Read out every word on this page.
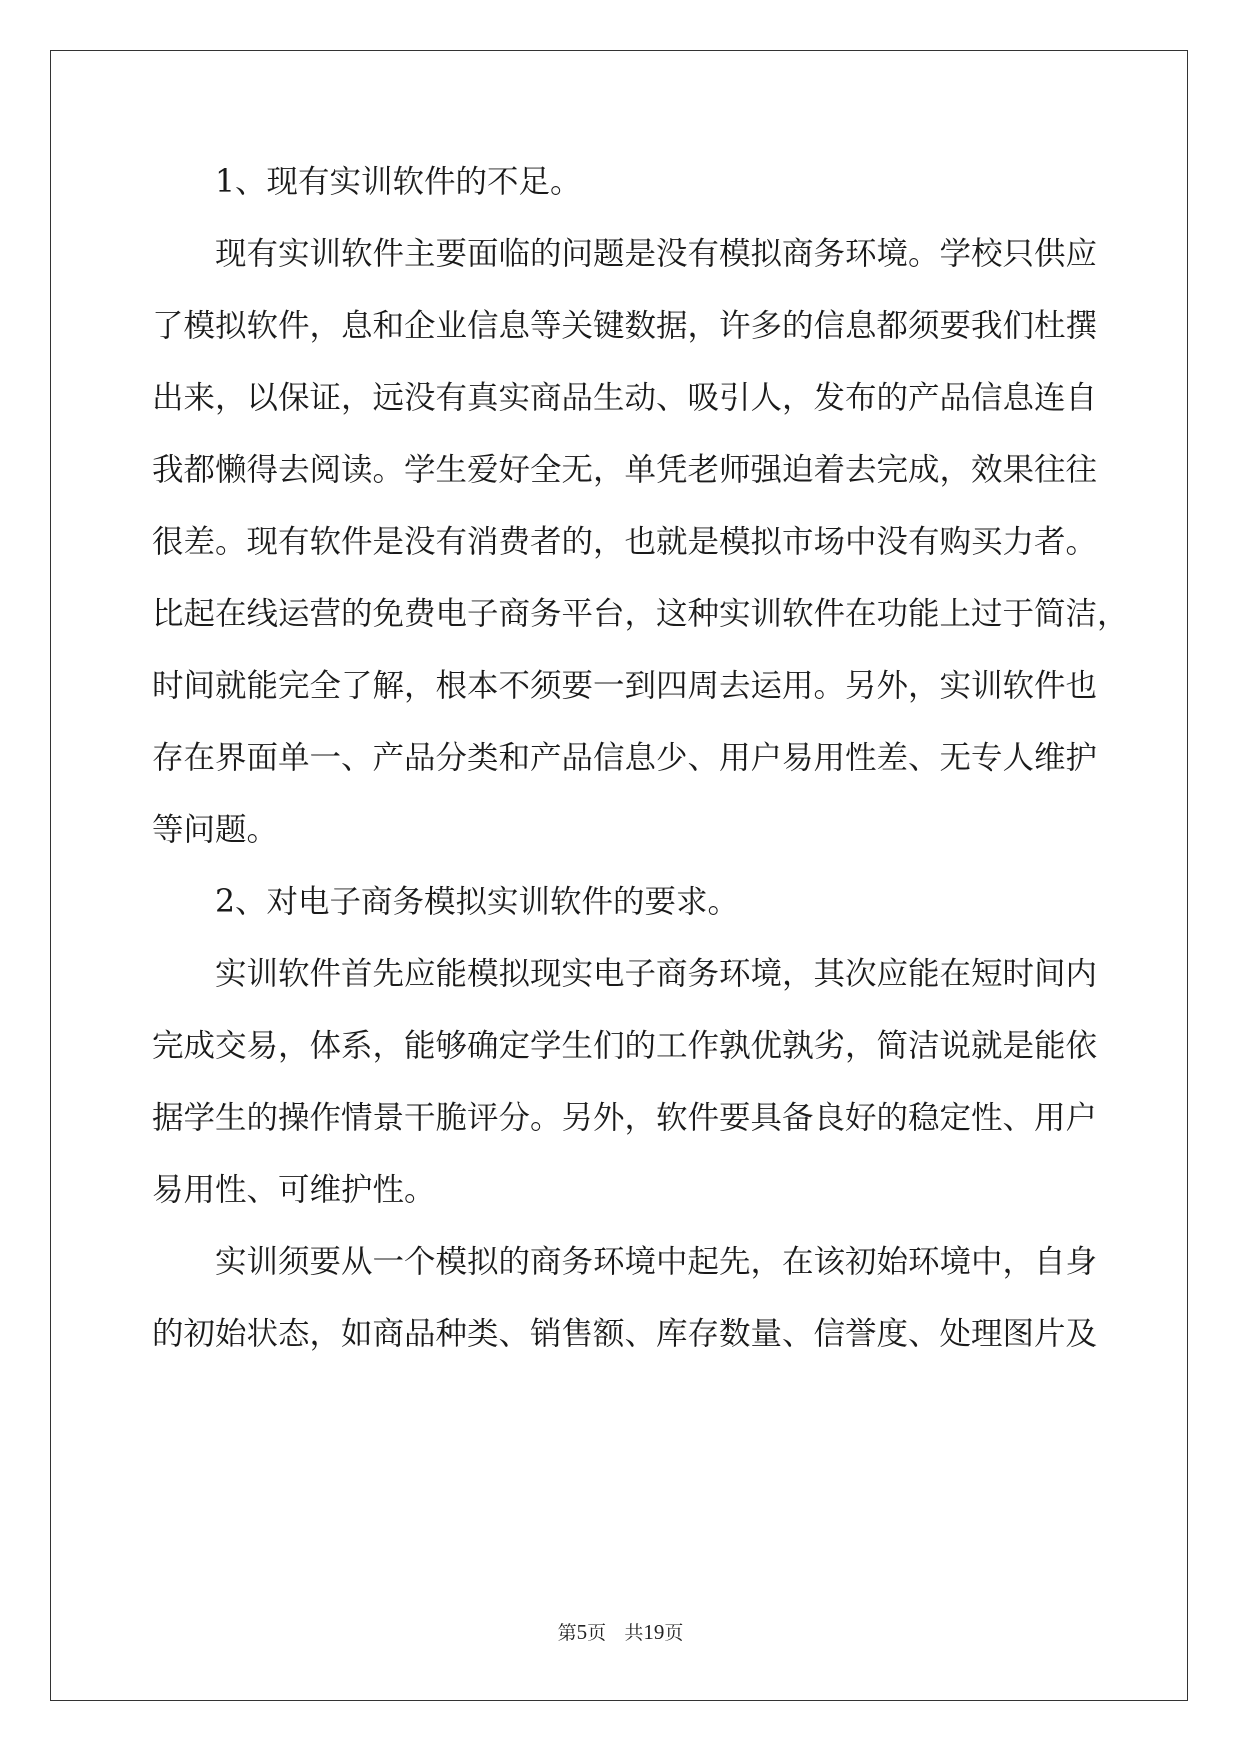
1、现有实训软件的不足。
现有实训软件主要面临的问题是没有模拟商务环境。学校只供应
了模拟软件，息和企业信息等关键数据，许多的信息都须要我们杜撰
出来，以保证，远没有真实商品生动、吸引人，发布的产品信息连自
我都懒得去阅读。学生爱好全无，单凭老师强迫着去完成，效果往往
很差。现有软件是没有消费者的，也就是模拟市场中没有购买力者。
比起在线运营的免费电子商务平台，这种实训软件在功能上过于简洁，
时间就能完全了解，根本不须要一到四周去运用。另外，实训软件也
存在界面单一、产品分类和产品信息少、用户易用性差、无专人维护
等问题。
2、对电子商务模拟实训软件的要求。
实训软件首先应能模拟现实电子商务环境，其次应能在短时间内
完成交易，体系，能够确定学生们的工作孰优孰劣，简洁说就是能依
据学生的操作情景干脆评分。另外，软件要具备良好的稳定性、用户
易用性、可维护性。
实训须要从一个模拟的商务环境中起先，在该初始环境中，自身
的初始状态，如商品种类、销售额、库存数量、信誉度、处理图片及
第5页 共19页
